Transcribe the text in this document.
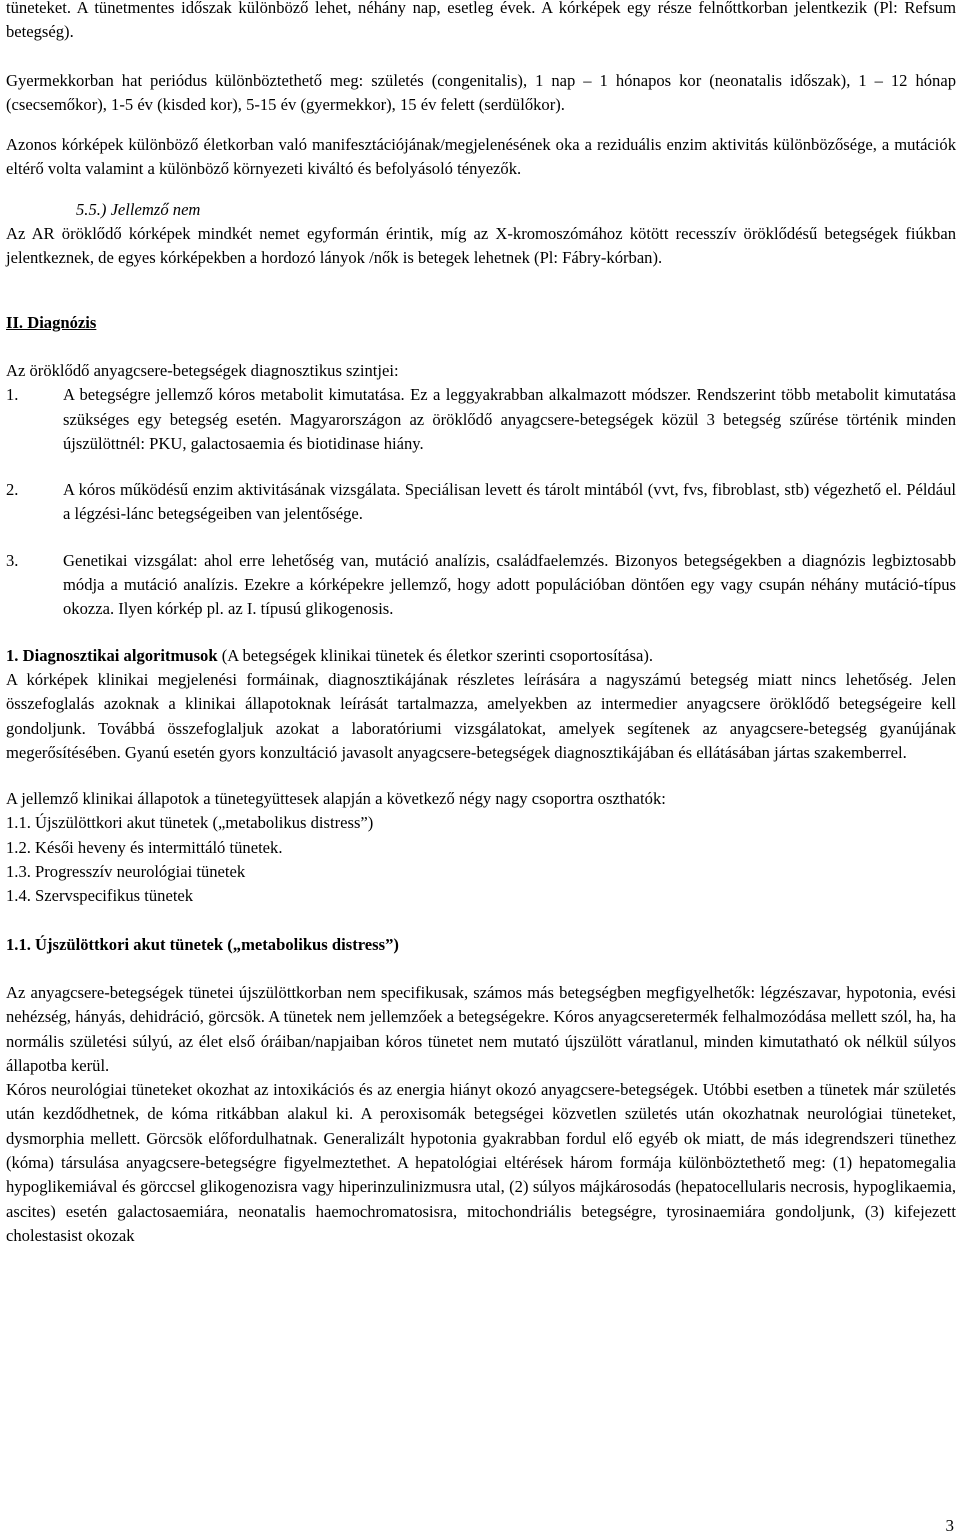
tüneteket. A tünetmentes időszak különböző lehet, néhány nap, esetleg évek. A kórképek egy része felnőttkorban jelentkezik (Pl: Refsum betegség).

Gyermekkorban hat periódus különböztethető meg: születés (congenitalis), 1 nap – 1 hónapos kor (neonatalis időszak), 1 – 12 hónap (csecsemőkor), 1-5 év (kisded kor), 5-15 év (gyermekkor), 15 év felett (serdülőkor).

Azonos kórképek különböző életkorban való manifesztációjának/megjelenésének oka a reziduális enzim aktivitás különbözősége, a mutációk eltérő volta valamint a különböző környezeti kiváltó és befolyásoló tényezők.

5.5.) Jellemző nem

Az AR öröklődő kórképek mindkét nemet egyformán érintik, míg az X-kromoszómához kötött recesszív öröklődésű betegségek fiúkban jelentkeznek, de egyes kórképekben a hordozó lányok /nők is betegek lehetnek (Pl: Fábry-kórban).

II. Diagnózis

Az öröklődő anyagcsere-betegségek diagnosztikus szintjei:

1.	A betegségre jellemző kóros metabolit kimutatása. Ez a leggyakrabban alkalmazott módszer. Rendszerint több metabolit kimutatása szükséges egy betegség esetén. Magyarországon az öröklődő anyagcsere-betegségek közül 3 betegség szűrése történik minden újszülöttnél: PKU, galactosaemia és biotidinase hiány.
2.	A kóros működésű enzim aktivitásának vizsgálata. Speciálisan levett és tárolt mintából (vvt, fvs, fibroblast, stb) végezhető el. Például a légzési-lánc betegségeiben van jelentősége.
3.	Genetikai vizsgálat: ahol erre lehetőség van, mutáció analízis, családfaelemzés. Bizonyos betegségekben a diagnózis legbiztosabb módja a mutáció analízis. Ezekre a kórképekre jellemző, hogy adott populációban döntően egy vagy csupán néhány mutáció-típus okozza. Ilyen kórkép pl. az I. típusú glikogenosis.

1. Diagnosztikai algoritmusok (A betegségek klinikai tünetek és életkor szerinti csoportosítása).

A kórképek klinikai megjelenési formáinak, diagnosztikájának részletes leírására a nagyszámú betegség miatt nincs lehetőség. Jelen összefoglalás azoknak a klinikai állapotoknak leírását tartalmazza, amelyekben az intermedier anyagcsere öröklődő betegségeire kell gondoljunk. Továbbá összefoglaljuk azokat a laboratóriumi vizsgálatokat, amelyek segítenek az anyagcsere-betegség gyanújának megerősítésében. Gyanú esetén gyors konzultáció javasolt anyagcsere-betegségek diagnosztikájában és ellátásában jártas szakemberrel.

A jellemző klinikai állapotok a tünetegyüttesek alapján a következő négy nagy csoportra oszthatók:

1.1. Újszülöttkori akut tünetek („metabolikus distress”)

1.2. Késői heveny és intermittáló tünetek.

1.3. Progresszív neurológiai tünetek

1.4. Szervspecifikus tünetek

1.1. Újszülöttkori akut tünetek („metabolikus distress”)

Az anyagcsere-betegségek tünetei újszülöttkorban nem specifikusak, számos más betegségben megfigyelhetők: légzészavar, hypotonia, evési nehézség, hányás, dehidráció, görcsök. A tünetek nem jellemzőek a betegségekre. Kóros anyagcseretermék felhalmozódása mellett szól, ha, ha normális születési súlyú, az élet első óráiban/napjaiban kóros tünetet nem mutató újszülött váratlanul, minden kimutatható ok nélkül súlyos állapotba kerül.

Kóros neurológiai tüneteket okozhat az intoxikációs és az energia hiányt okozó anyagcsere-betegségek. Utóbbi esetben a tünetek már születés után kezdődhetnek, de kóma ritkábban alakul ki. A peroxisomák betegségei közvetlen születés után okozhatnak neurológiai tüneteket, dysmorphia mellett. Görcsök előfordulhatnak. Generalizált hypotonia gyakrabban fordul elő egyéb ok miatt, de más idegrendszeri tünethez (kóma) társulása anyagcsere-betegségre figyelmeztethet. A hepatológiai eltérések három formája különböztethető meg: (1) hepatomegalia hypoglikemiával és görccsel glikogenozisra vagy hiperinzulinizmusra utal, (2) súlyos májkárosodás (hepatocellularis necrosis, hypoglikaemia, ascites) esetén galactosaemiára, neonatalis haemochromatosisra, mitochondriális betegségre, tyrosinaemiára gondoljunk, (3) kifejezett cholestasist okozak

3
